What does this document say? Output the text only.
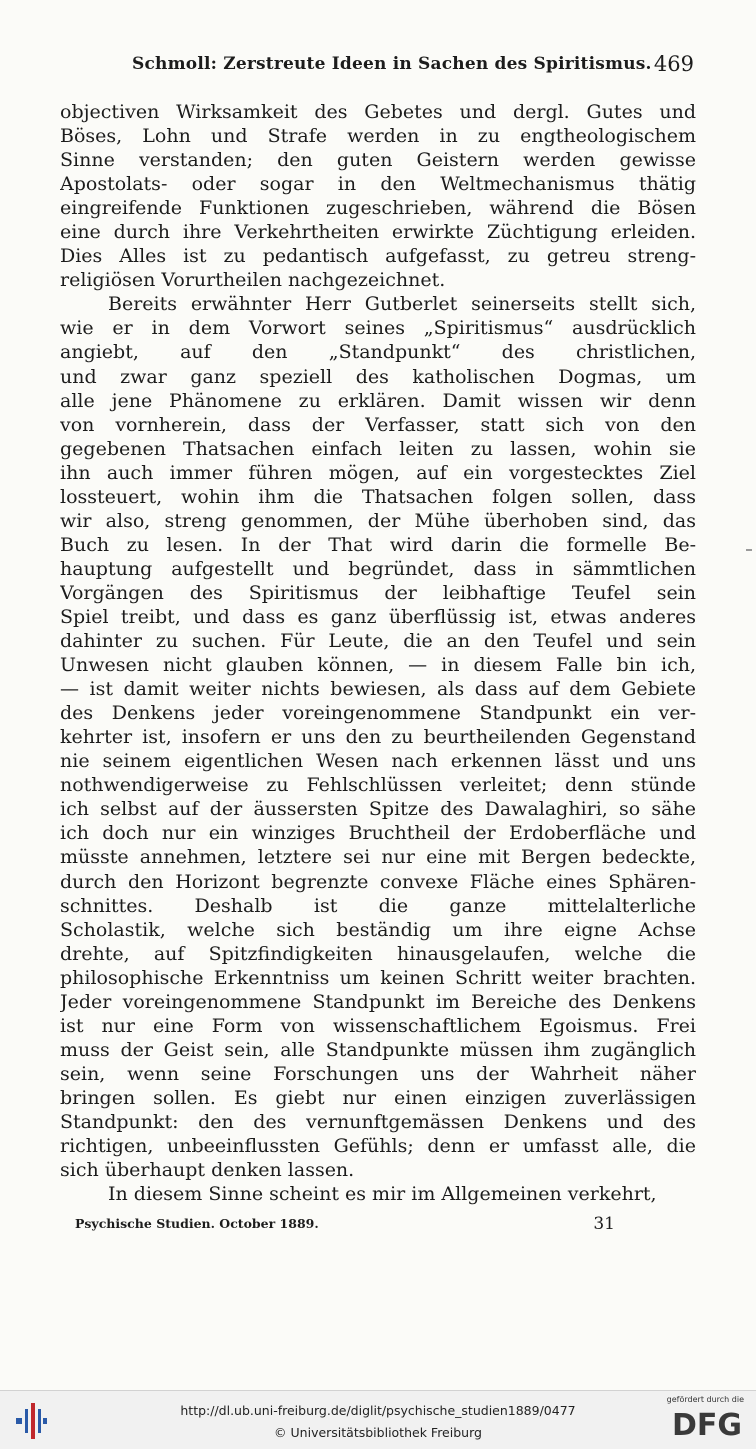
Schmoll: Zerstreute Ideen in Sachen des Spiritismus. 469
objectiven Wirksamkeit des Gebetes und dergl. Gutes und
Böses, Lohn und Strafe werden in zu engtheologischem
Sinne verstanden; den guten Geistern werden gewisse
Apostolats- oder sogar in den Weltmechanismus thätig
eingreifende Funktionen zugeschrieben, während die Bösen
eine durch ihre Verkehrtheiten erwirkte Züchtigung erleiden.
Dies Alles ist zu pedantisch aufgefasst, zu getreu streng-
religiösen Vorurtheilen nachgezeichnet.
Bereits erwähnter Herr Gutberlet seinerseits stellt sich,
wie er in dem Vorwort seines „Spiritismus“ ausdrücklich
angiebt, auf den „Standpunkt“ des christlichen,
und zwar ganz speziell des katholischen Dogmas, um
alle jene Phänomene zu erklären. Damit wissen wir denn
von vornherein, dass der Verfasser, statt sich von den
gegebenen Thatsachen einfach leiten zu lassen, wohin sie
ihn auch immer führen mögen, auf ein vorgestecktes Ziel
lossteuert, wohin ihm die Thatsachen folgen sollen, dass
wir also, streng genommen, der Mühe überhoben sind, das
Buch zu lesen. In der That wird darin die formelle Be-
hauptung aufgestellt und begründet, dass in sämmtlichen
Vorgängen des Spiritismus der leibhaftige Teufel sein
Spiel treibt, und dass es ganz überflüssig ist, etwas anderes
dahinter zu suchen. Für Leute, die an den Teufel und sein
Unwesen nicht glauben können, — in diesem Falle bin ich,
— ist damit weiter nichts bewiesen, als dass auf dem Gebiete
des Denkens jeder voreingenommene Standpunkt ein ver-
kehrter ist, insofern er uns den zu beurtheilenden Gegenstand
nie seinem eigentlichen Wesen nach erkennen lässt und uns
nothwendigerweise zu Fehlschlüssen verleitet; denn stünde
ich selbst auf der äussersten Spitze des Dawalaghiri, so sähe
ich doch nur ein winziges Bruchtheil der Erdoberfläche und
müsste annehmen, letztere sei nur eine mit Bergen bedeckte,
durch den Horizont begrenzte convexe Fläche eines Sphären-
schnittes. Deshalb ist die ganze mittelalterliche
Scholastik, welche sich beständig um ihre eigne Achse
drehte, auf Spitzfindigkeiten hinausgelaufen, welche die
philosophische Erkenntniss um keinen Schritt weiter brachten.
Jeder voreingenommene Standpunkt im Bereiche des Denkens
ist nur eine Form von wissenschaftlichem Egoismus. Frei
muss der Geist sein, alle Standpunkte müssen ihm zugänglich
sein, wenn seine Forschungen uns der Wahrheit näher
bringen sollen. Es giebt nur einen einzigen zuverlässigen
Standpunkt: den des vernunftgemässen Denkens und des
richtigen, unbeeinflussten Gefühls; denn er umfasst alle, die
sich überhaupt denken lassen.
In diesem Sinne scheint es mir im Allgemeinen verkehrt,
Psychische Studien. October 1889.	31
http://dl.ub.uni-freiburg.de/diglit/psychische_studien1889/0477
© Universitätsbibliothek Freiburg
gefördert durch die
DFG
